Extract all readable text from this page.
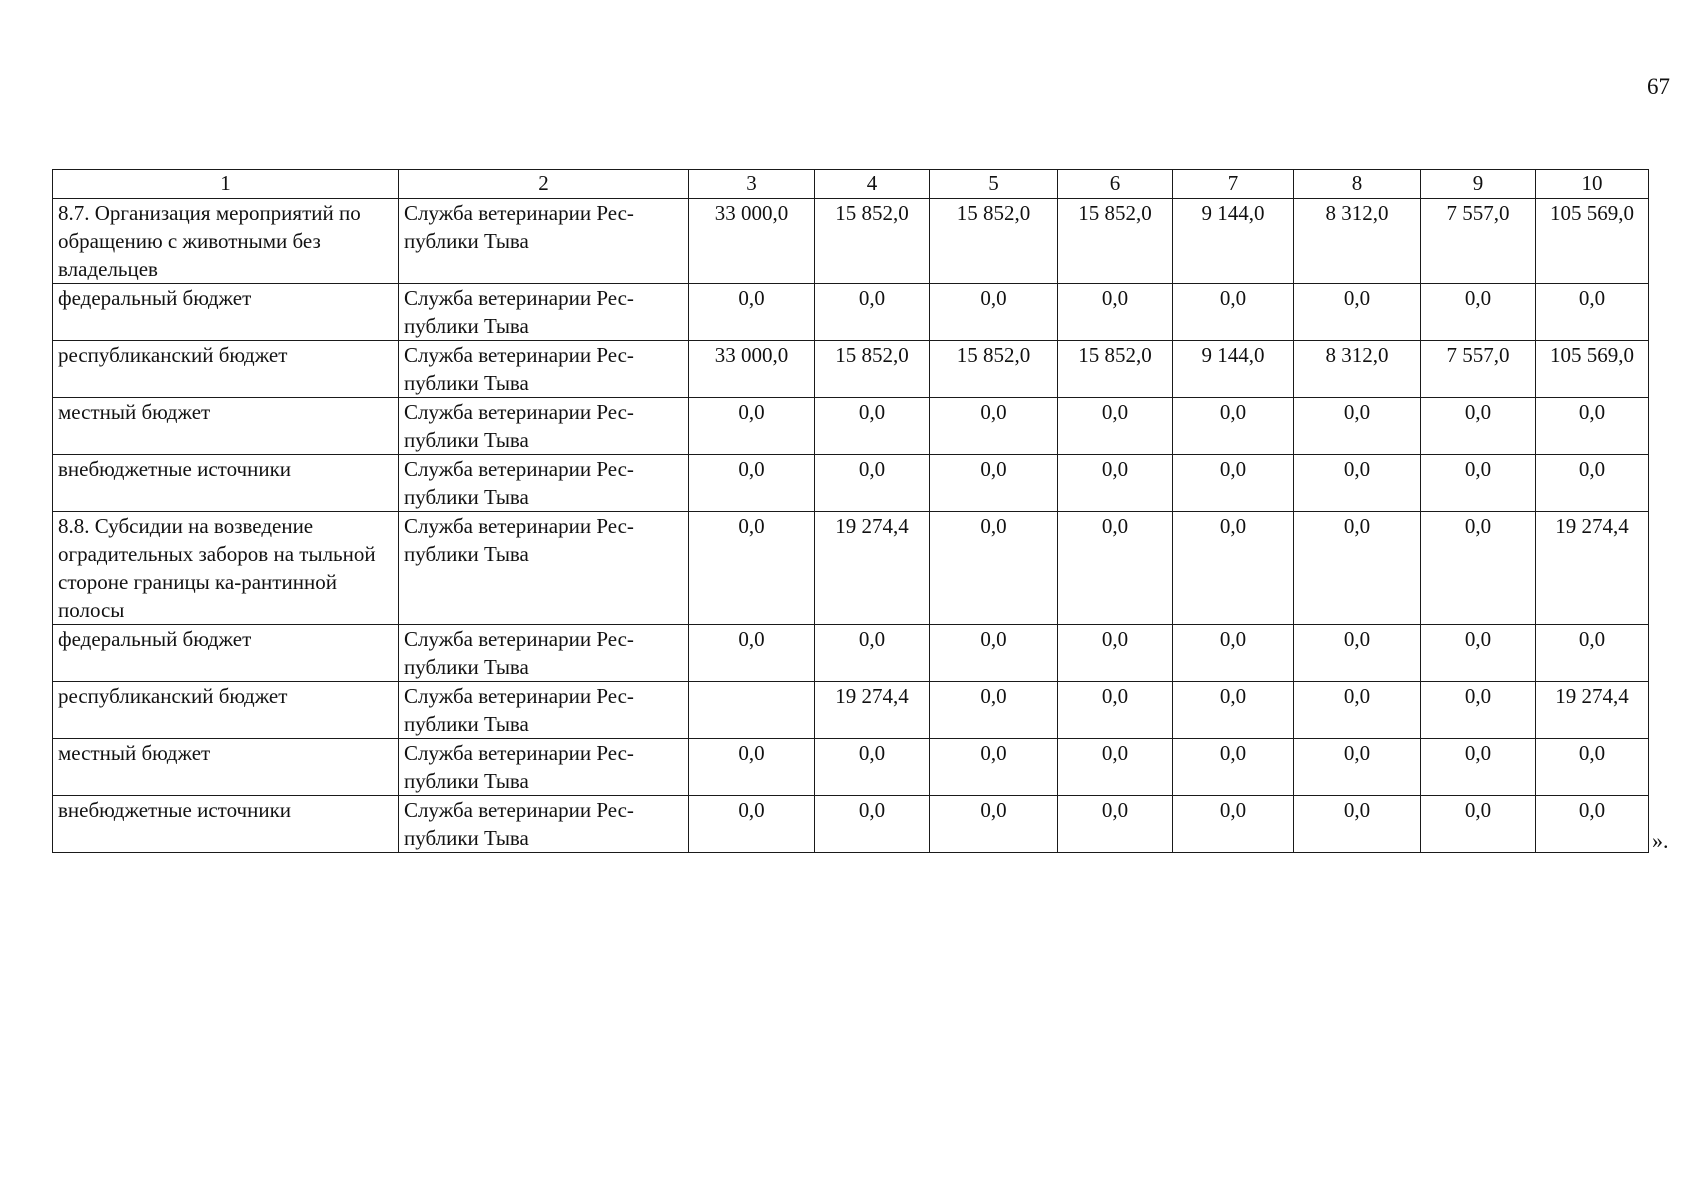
67
1	2	3	4	5	6	7	8	9	10
8.7. Организация мероприятий по обращению с животными без владельцев	Служба ветеринарии Рес-публики Тыва	33 000,0	15 852,0	15 852,0	15 852,0	9 144,0	8 312,0	7 557,0	105 569,0
федеральный бюджет	Служба ветеринарии Рес-публики Тыва	0,0	0,0	0,0	0,0	0,0	0,0	0,0	0,0
республиканский бюджет	Служба ветеринарии Рес-публики Тыва	33 000,0	15 852,0	15 852,0	15 852,0	9 144,0	8 312,0	7 557,0	105 569,0
местный бюджет	Служба ветеринарии Рес-публики Тыва	0,0	0,0	0,0	0,0	0,0	0,0	0,0	0,0
внебюджетные источники	Служба ветеринарии Рес-публики Тыва	0,0	0,0	0,0	0,0	0,0	0,0	0,0	0,0
8.8. Субсидии на возведение оградительных заборов на тыльной стороне границы ка-рантинной полосы	Служба ветеринарии Рес-публики Тыва	0,0	19 274,4	0,0	0,0	0,0	0,0	0,0	19 274,4
федеральный бюджет	Служба ветеринарии Рес-публики Тыва	0,0	0,0	0,0	0,0	0,0	0,0	0,0	0,0
республиканский бюджет	Служба ветеринарии Рес-публики Тыва		19 274,4	0,0	0,0	0,0	0,0	0,0	19 274,4
местный бюджет	Служба ветеринарии Рес-публики Тыва	0,0	0,0	0,0	0,0	0,0	0,0	0,0	0,0
внебюджетные источники	Служба ветеринарии Рес-публики Тыва	0,0	0,0	0,0	0,0	0,0	0,0	0,0	0,0
».
